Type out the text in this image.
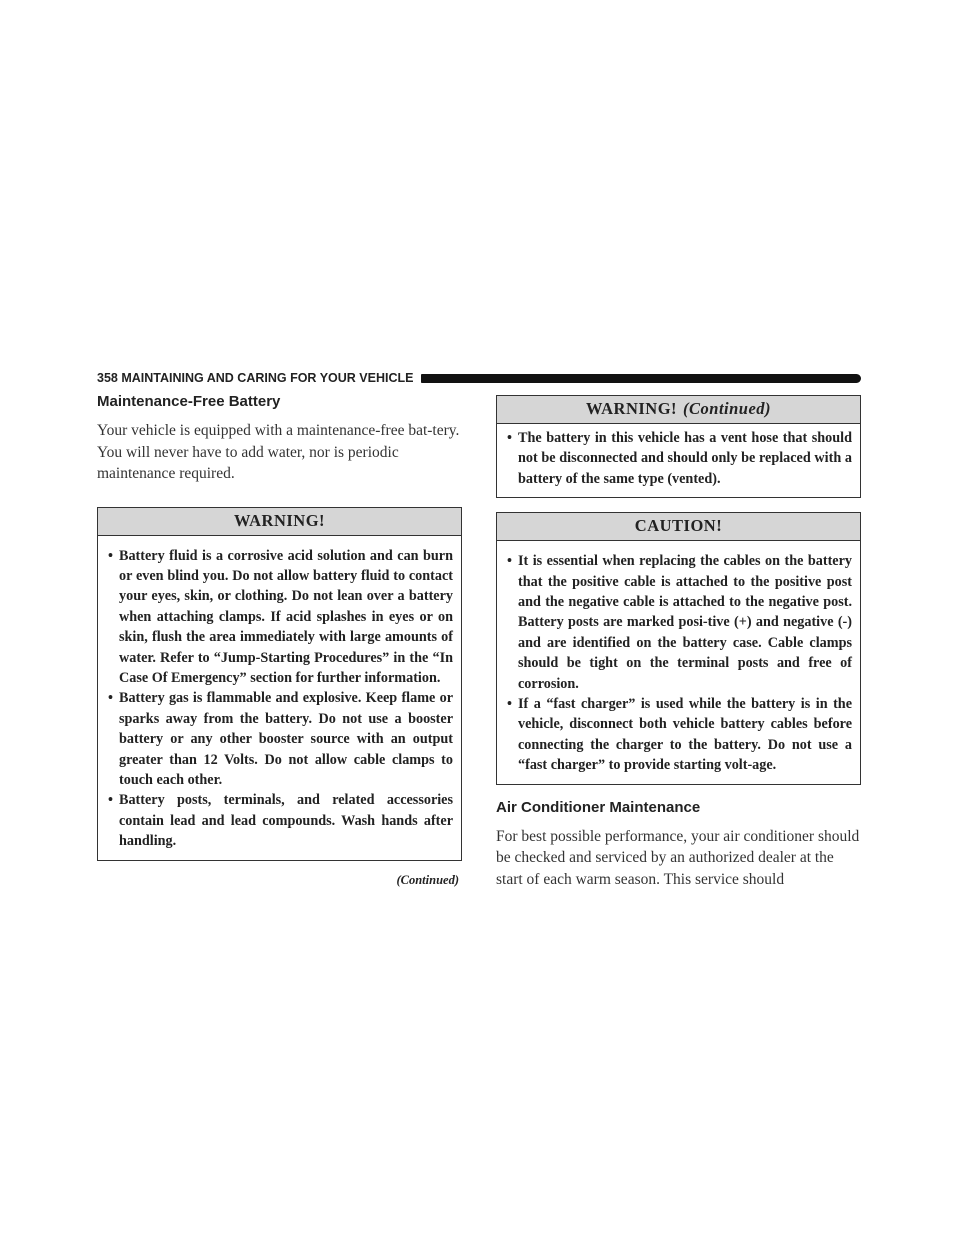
358 MAINTAINING AND CARING FOR YOUR VEHICLE
Maintenance-Free Battery

Your vehicle is equipped with a maintenance-free bat-tery. You will never have to add water, nor is periodic maintenance required.

WARNING!
• Battery fluid is a corrosive acid solution and can burn or even blind you. Do not allow battery fluid to contact your eyes, skin, or clothing. Do not lean over a battery when attaching clamps. If acid splashes in eyes or on skin, flush the area immediately with large amounts of water. Refer to “Jump-Starting Procedures” in the “In Case Of Emergency” section for further information.
• Battery gas is flammable and explosive. Keep flame or sparks away from the battery. Do not use a booster battery or any other booster source with an output greater than 12 Volts. Do not allow cable clamps to touch each other.
• Battery posts, terminals, and related accessories contain lead and lead compounds. Wash hands after handling.
(Continued)
WARNING! (Continued)
• The battery in this vehicle has a vent hose that should not be disconnected and should only be replaced with a battery of the same type (vented).
CAUTION!
• It is essential when replacing the cables on the battery that the positive cable is attached to the positive post and the negative cable is attached to the negative post. Battery posts are marked posi-tive (+) and negative (-) and are identified on the battery case. Cable clamps should be tight on the terminal posts and free of corrosion.
• If a “fast charger” is used while the battery is in the vehicle, disconnect both vehicle battery cables before connecting the charger to the battery. Do not use a “fast charger” to provide starting volt-age.
Air Conditioner Maintenance

For best possible performance, your air conditioner should be checked and serviced by an authorized dealer at the start of each warm season. This service should
